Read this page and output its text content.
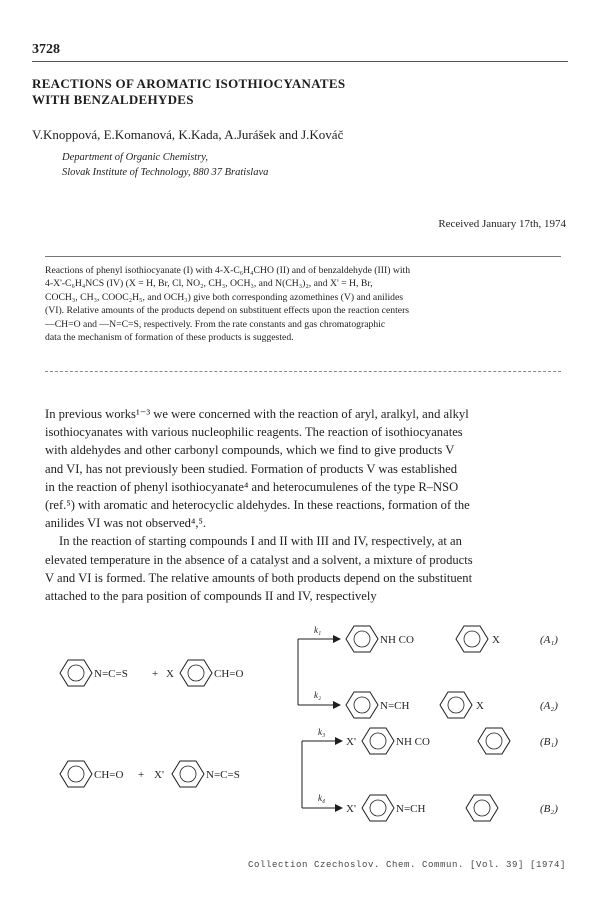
3728
REACTIONS OF AROMATIC ISOTHIOCYANATES
WITH BENZALDEHYDES
V.Knoppová, E.Komanová, K.Kada, A.Jurášek and J.Kováč
Department of Organic Chemistry,
Slovak Institute of Technology, 880 37 Bratislava
Received January 17th, 1974
Reactions of phenyl isothiocyanate (I) with 4-X-C₆H₄CHO (II) and of benzaldehyde (III) with
4-X'-C₆H₄NCS (IV) (X = H, Br, Cl, NO₂, CH₃, OCH₃, and N(CH₃)₂, and X' = H, Br,
COCH₃, CH₃, COOC₂H₅, and OCH₃) give both corresponding azomethines (V) and anilides
(VI). Relative amounts of the products depend on substituent effects upon the reaction centers
—CH=O and —N=C=S, respectively. From the rate constants and gas chromatographic
data the mechanism of formation of these products is suggested.
In previous works¹⁻³ we were concerned with the reaction of aryl, aralkyl, and alkyl
isothiocyanates with various nucleophilic reagents. The reaction of isothiocyanates
with aldehydes and other carbonyl compounds, which we find to give products V
and VI, has not previously been studied. Formation of products V was established
in the reaction of phenyl isothiocyanate⁴ and heterocumulenes of the type R–NSO
(ref.⁵) with aromatic and heterocyclic aldehydes. In these reactions, formation of the
anilides VI was not observed⁴,⁵.
In the reaction of starting compounds I and II with III and IV, respectively, at an
elevated temperature in the absence of a catalyst and a solvent, a mixture of products
V and VI is formed. The relative amounts of both products depend on the substituent
attached to the para position of compounds II and IV, respectively
N=C=S + X	CH=O
k₁
k₂
NH CO	X	(A₁)
N=CH	X	(A₂)
CH=O + X'	N=C=S
k₃
k₄
X'	NH CO	(B₁)
X'	N=CH	(B₂)
Collection Czechoslov. Chem. Commun. [Vol. 39] [1974]
